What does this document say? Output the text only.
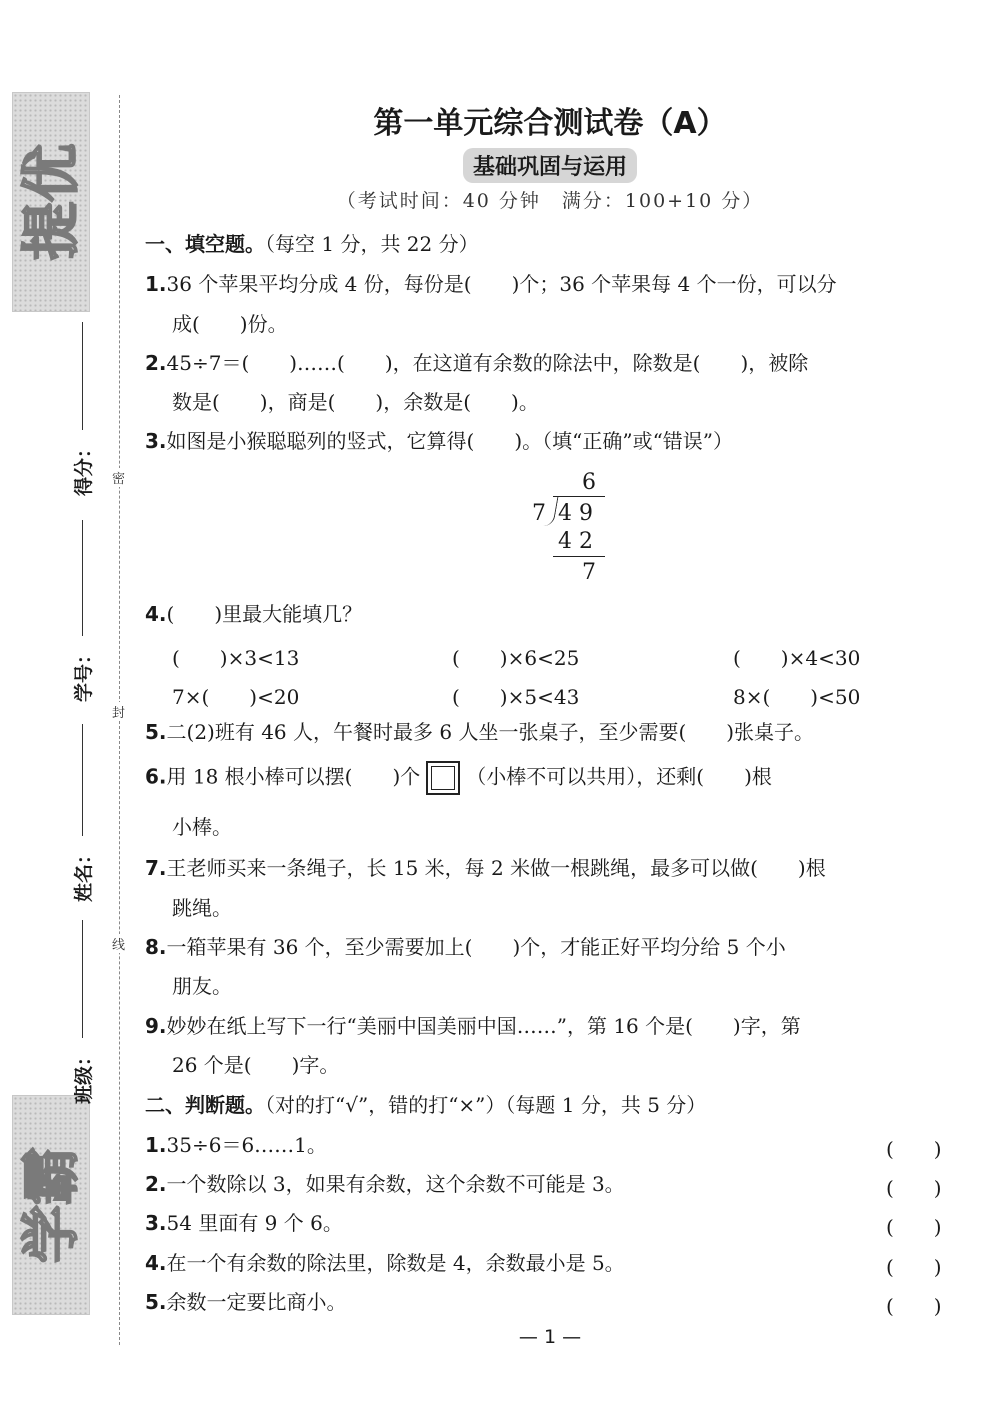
提优
学霸
密
封
线
得分：
学号：
姓名：
班级：
第一单元综合测试卷（A）
基础巩固与运用
（考试时间：40 分钟　满分：100+10 分）
一、填空题。（每空 1 分，共 22 分）
1.36 个苹果平均分成 4 份，每份是(　　)个；36 个苹果每 4 个一份，可以分
成(　　)份。
2.45÷7＝(　　)……(　　)，在这道有余数的除法中，除数是(　　)，被除
数是(　　)，商是(　　)，余数是(　　)。
3.如图是小猴聪聪列的竖式，它算得(　　)。（填“正确”或“错误”）
6
7 4 9
4 2
7
4.(　　)里最大能填几？
(　　)×3<13	(　　)×6<25	(　　)×4<30
7×(　　)<20	(　　)×5<43	8×(　　)<50
5.二(2)班有 46 人，午餐时最多 6 人坐一张桌子，至少需要(　　)张桌子。
6.用 18 根小棒可以摆(　　)个 （小棒不可以共用），还剩(　　)根
小棒。
7.王老师买来一条绳子，长 15 米，每 2 米做一根跳绳，最多可以做(　　)根
跳绳。
8.一箱苹果有 36 个，至少需要加上(　　)个，才能正好平均分给 5 个小
朋友。
9.妙妙在纸上写下一行“美丽中国美丽中国……”，第 16 个是(　　)字，第
26 个是(　　)字。
二、判断题。（对的打“√”，错的打“×”）（每题 1 分，共 5 分）
1.35÷6＝6……1。	(　　)
2.一个数除以 3，如果有余数，这个余数不可能是 3。	(　　)
3.54 里面有 9 个 6。	(　　)
4.在一个有余数的除法里，除数是 4，余数最小是 5。	(　　)
5.余数一定要比商小。	(　　)
— 1 —
